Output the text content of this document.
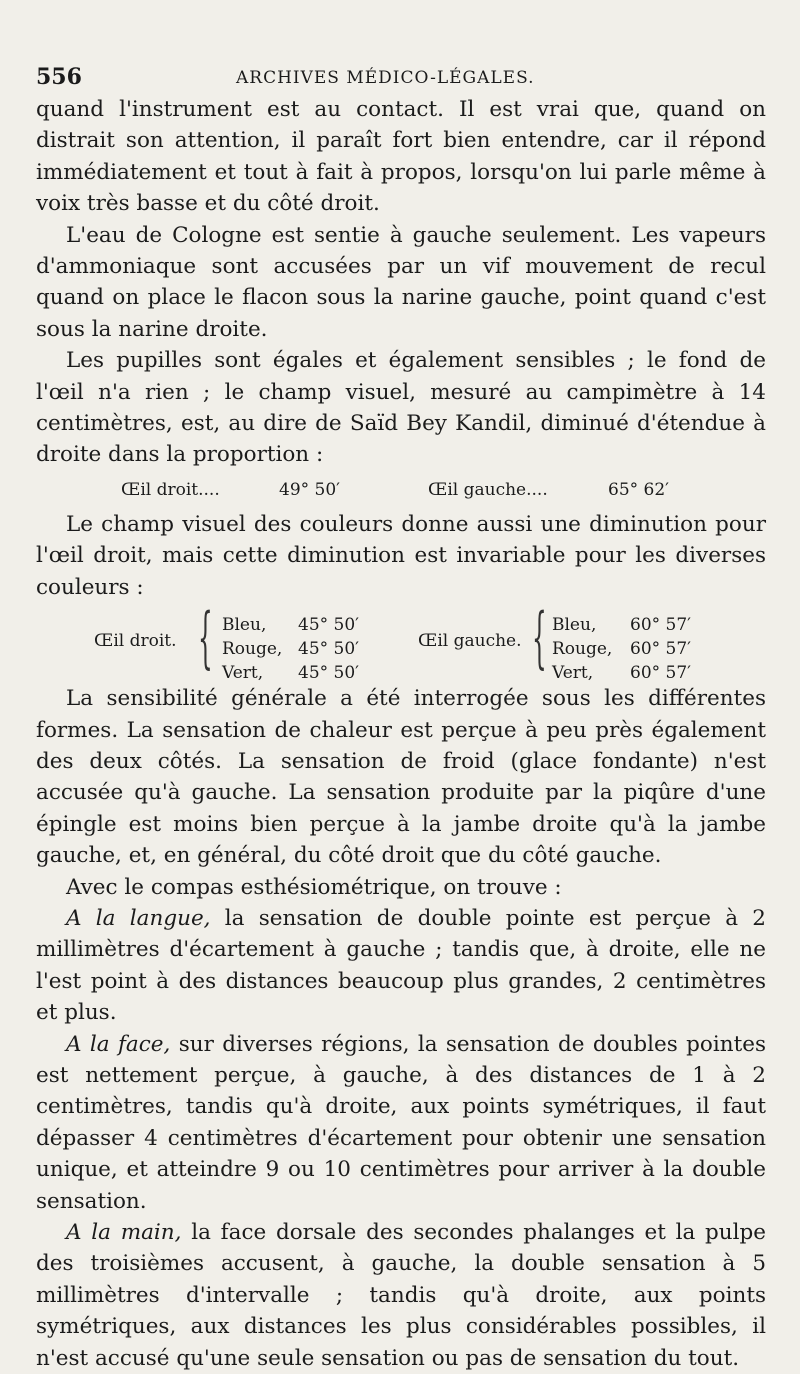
556	ARCHIVES MÉDICO-LÉGALES.

quand l'instrument est au contact. Il est vrai que, quand on distrait son attention, il paraît fort bien entendre, car il répond immédiatement et tout à fait à propos, lorsqu'on lui parle même à voix très basse et du côté droit.

L'eau de Cologne est sentie à gauche seulement. Les vapeurs d'ammoniaque sont accusées par un vif mouvement de recul quand on place le flacon sous la narine gauche, point quand c'est sous la narine droite.

Les pupilles sont égales et également sensibles ; le fond de l'œil n'a rien ; le champ visuel, mesuré au campimètre à 14 centimètres, est, au dire de Saïd Bey Kandil, diminué d'étendue à droite dans la proportion :

Œil droit....	49° 50′	Œil gauche....	65° 62′

Le champ visuel des couleurs donne aussi une diminution pour l'œil droit, mais cette diminution est invariable pour les diverses couleurs :

Œil droit. { Bleu, 45° 50′
Rouge, 45° 50′
Vert, 45° 50′
Œil gauche. { Bleu, 60° 57′
Rouge, 60° 57′
Vert, 60° 57′

La sensibilité générale a été interrogée sous les différentes formes. La sensation de chaleur est perçue à peu près également des deux côtés. La sensation de froid (glace fondante) n'est accusée qu'à gauche. La sensation produite par la piqûre d'une épingle est moins bien perçue à la jambe droite qu'à la jambe gauche, et, en général, du côté droit que du côté gauche.

Avec le compas esthésiométrique, on trouve :

A la langue, la sensation de double pointe est perçue à 2 millimètres d'écartement à gauche ; tandis que, à droite, elle ne l'est point à des distances beaucoup plus grandes, 2 centimètres et plus.

A la face, sur diverses régions, la sensation de doubles pointes est nettement perçue, à gauche, à des distances de 1 à 2 centimètres, tandis qu'à droite, aux points symétriques, il faut dépasser 4 centimètres d'écartement pour obtenir une sensation unique, et atteindre 9 ou 10 centimètres pour arriver à la double sensation.

A la main, la face dorsale des secondes phalanges et la pulpe des troisièmes accusent, à gauche, la double sensation à 5 millimètres d'intervalle ; tandis qu'à droite, aux points symétriques, aux distances les plus considérables possibles, il n'est accusé qu'une seule sensation ou pas de sensation du tout.
